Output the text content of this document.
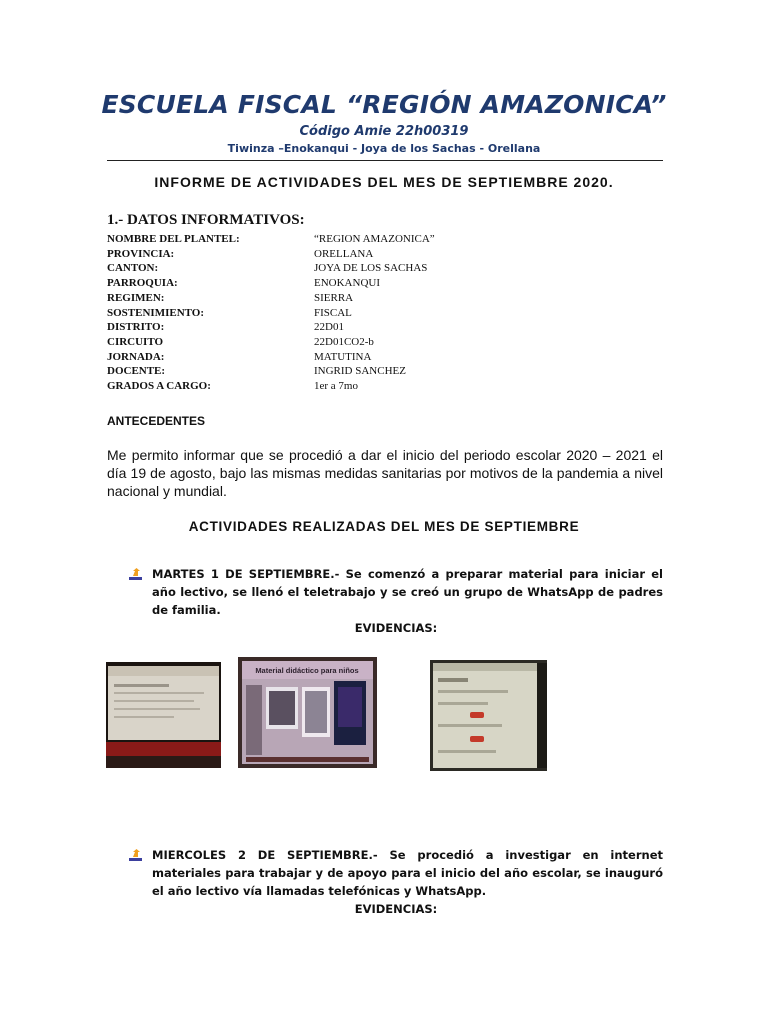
ESCUELA FISCAL “REGIÓN AMAZONICA”
Código Amie 22h00319
Tiwinza –Enokanqui - Joya de los Sachas - Orellana
INFORME DE ACTIVIDADES DEL MES DE SEPTIEMBRE 2020.
1.- DATOS INFORMATIVOS:
NOMBRE DEL PLANTEL:	“REGION AMAZONICA”
PROVINCIA:	ORELLANA
CANTON:	JOYA DE LOS SACHAS
PARROQUIA:	ENOKANQUI
REGIMEN:	SIERRA
SOSTENIMIENTO:	FISCAL
DISTRITO:	22D01
CIRCUITO	22D01CO2-b
JORNADA:	MATUTINA
DOCENTE:	INGRID SANCHEZ
GRADOS A CARGO:	1er a 7mo
ANTECEDENTES
Me permito informar que se procedió a dar el inicio del periodo escolar 2020 – 2021 el día 19 de agosto, bajo las mismas medidas sanitarias por motivos de la pandemia a nivel nacional y mundial.
ACTIVIDADES REALIZADAS DEL MES DE SEPTIEMBRE
MARTES 1 DE SEPTIEMBRE.- Se comenzó a preparar material para iniciar el año lectivo, se llenó el teletrabajo y se creó un grupo de WhatsApp de padres de familia.
EVIDENCIAS:
Material didáctico para niños
MIERCOLES 2 DE SEPTIEMBRE.- Se procedió a investigar en internet materiales para trabajar y de apoyo para el inicio del año escolar, se inauguró el año lectivo vía llamadas telefónicas y WhatsApp.
EVIDENCIAS:
